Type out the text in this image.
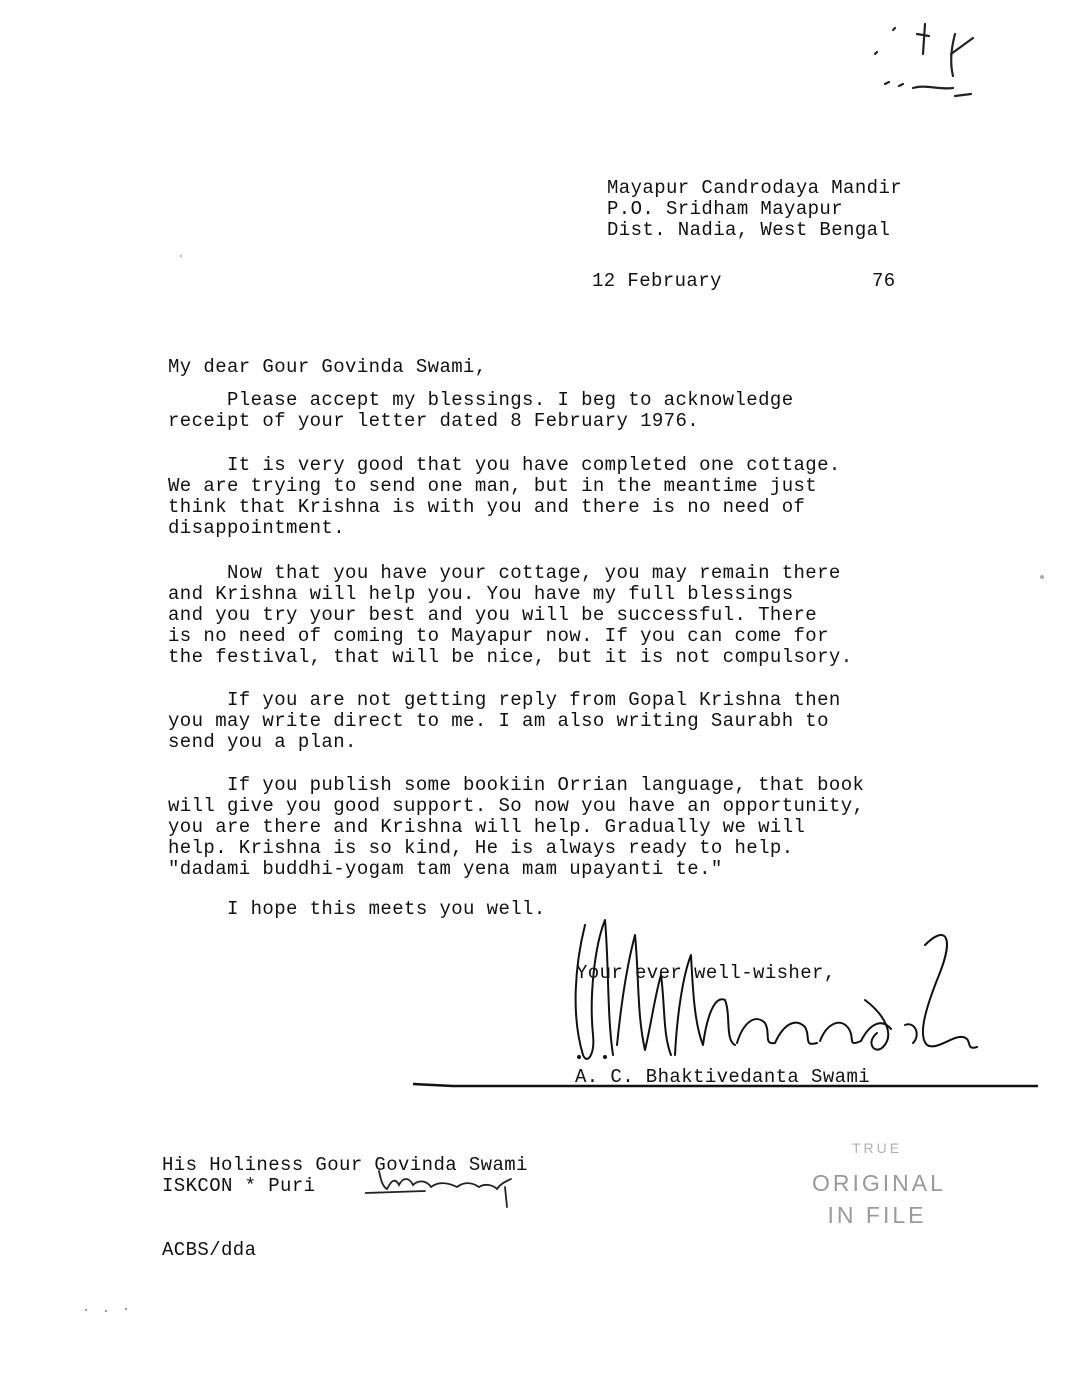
Mayapur Candrodaya Mandir
P.O. Sridham Mayapur
Dist. Nadia, West Bengal
12 February	76
My dear Gour Govinda Swami,
Please accept my blessings. I beg to acknowledge
receipt of your letter dated 8 February 1976.
It is very good that you have completed one cottage.
We are trying to send one man, but in the meantime just
think that Krishna is with you and there is no need of
disappointment.
Now that you have your cottage, you may remain there
and Krishna will help you. You have my full blessings
and you try your best and you will be successful. There
is no need of coming to Mayapur now. If you can come for
the festival, that will be nice, but it is not compulsory.
If you are not getting reply from Gopal Krishna then
you may write direct to me. I am also writing Saurabh to
send you a plan.
If you publish some bookiin Orrian language, that book
will give you good support. So now you have an opportunity,
you are there and Krishna will help. Gradually we will
help. Krishna is so kind, He is always ready to help.
"dadami buddhi-yogam tam yena mam upayanti te."
I hope this meets you well.
Your ever well-wisher,
A. C. Bhaktivedanta Swami
His Holiness Gour Govinda Swami
ISKCON * Puri
TRUE
ORIGINAL
IN FILE
ACBS/dda
